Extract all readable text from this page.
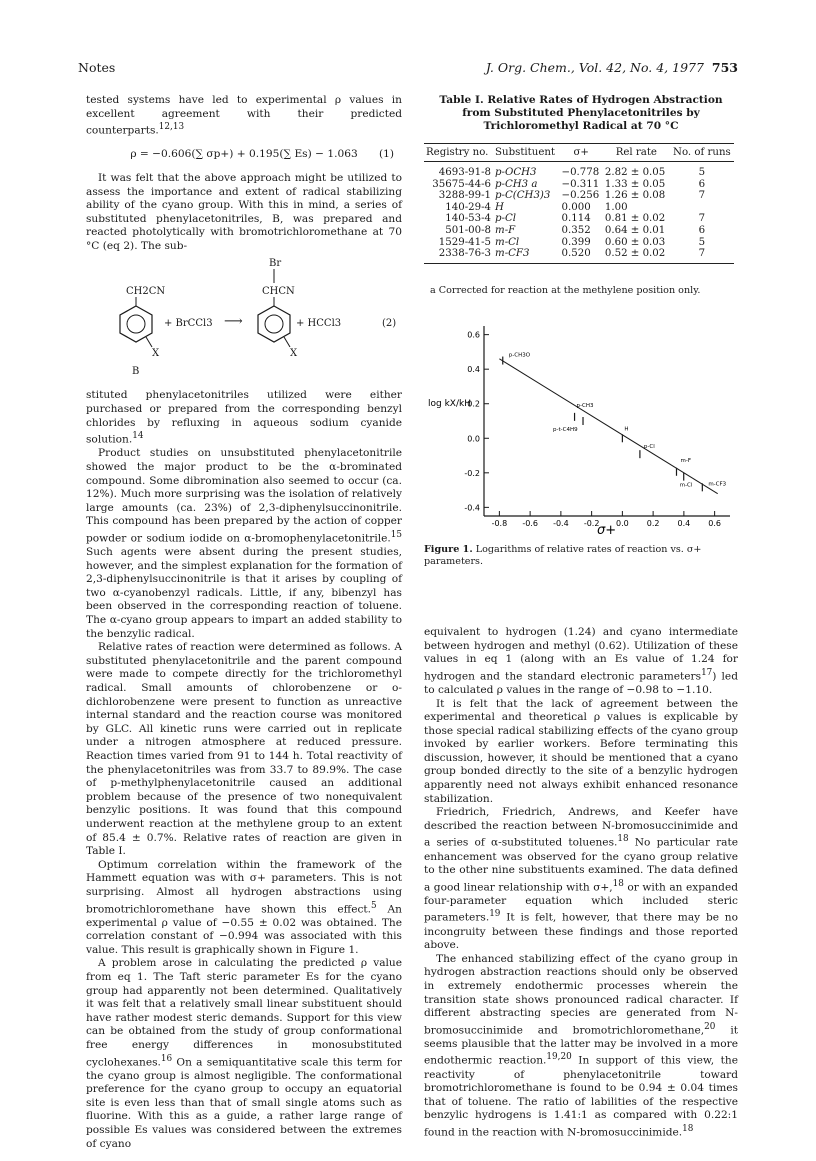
Notes	J. Org. Chem., Vol. 42, No. 4, 1977 753

tested systems have led to experimental ρ values in excellent agreement with their predicted counterparts.$^{12,13}$

ρ = −0.606(∑ σp+) + 0.195(∑ Es) − 1.063 (1)

It was felt that the above approach might be utilized to assess the importance and extent of radical stabilizing ability of the cyano group. With this in mind, a series of substituted phenylacetonitriles, B, was prepared and reacted photolytically with bromotrichloromethane at 70 °C (eq 2). The sub-

Br
CH2CN	CHCN
X
+ BrCCl3 ⟶
X
+ HCCl3	(2)
B

stituted phenylacetonitriles utilized were either purchased or prepared from the corresponding benzyl chlorides by refluxing in aqueous sodium cyanide solution.$^{14}$

Product studies on unsubstituted phenylacetonitrile showed the major product to be the α-brominated compound. Some dibromination also seemed to occur (ca. 12%). Much more surprising was the isolation of relatively large amounts (ca. 23%) of 2,3-diphenylsuccinonitrile. This compound has been prepared by the action of copper powder or sodium iodide on α-bromophenylacetonitrile.$^{15}$ Such agents were absent during the present studies, however, and the simplest explanation for the formation of 2,3-diphenylsuccinonitrile is that it arises by coupling of two α-cyanobenzyl radicals. Little, if any, bibenzyl has been observed in the corresponding reaction of toluene. The α-cyano group appears to impart an added stability to the benzylic radical.

Relative rates of reaction were determined as follows. A substituted phenylacetonitrile and the parent compound were made to compete directly for the trichloromethyl radical. Small amounts of chlorobenzene or o-dichlorobenzene were present to function as unreactive internal standard and the reaction course was monitored by GLC. All kinetic runs were carried out in replicate under a nitrogen atmosphere at reduced pressure. Reaction times varied from 91 to 144 h. Total reactivity of the phenylacetonitriles was from 33.7 to 89.9%. The case of p-methylphenylacetonitrile caused an additional problem because of the presence of two nonequivalent benzylic positions. It was found that this compound underwent reaction at the methylene group to an extent of 85.4 ± 0.7%. Relative rates of reaction are given in Table I.

Optimum correlation within the framework of the Hammett equation was with σ+ parameters. This is not surprising. Almost all hydrogen abstractions using bromotrichloromethane have shown this effect.$^5$ An experimental ρ value of −0.55 ± 0.02 was obtained. The correlation constant of −0.994 was associated with this value. This result is graphically shown in Figure 1.

A problem arose in calculating the predicted ρ value from eq 1. The Taft steric parameter Es for the cyano group had apparently not been determined. Qualitatively it was felt that a relatively small linear substituent should have rather modest steric demands. Support for this view can be obtained from the study of group conformational free energy differences in monosubstituted cyclohexanes.$^{16}$ On a semiquantitative scale this term for the cyano group is almost negligible. The conformational preference for the cyano group to occupy an equatorial site is even less than that of small single atoms such as fluorine. With this as a guide, a rather large range of possible Es values was considered between the extremes of cyano

Table I. Relative Rates of Hydrogen Abstraction from Substituted Phenylacetonitriles by Trichloromethyl Radical at 70 °C
Registry no.	Substituent	σ+	Rel rate	No. of runs
4693-91-8	p-OCH3	−0.778	2.82 ± 0.05	5
35675-44-6	p-CH3 a	−0.311	1.33 ± 0.05	6
3288-99-1	p-C(CH3)3	−0.256	1.26 ± 0.08	7
140-29-4	H	0.000	1.00	
140-53-4	p-Cl	0.114	0.81 ± 0.02	7
501-00-8	m-F	0.352	0.64 ± 0.01	6
1529-41-5	m-Cl	0.399	0.60 ± 0.03	5
2338-76-3	m-CF3	0.520	0.52 ± 0.02	7
a Corrected for reaction at the methylene position only.
0.6
0.4
0.2
0.0
-0.2
-0.4
-0.8 -0.6 -0.4 -0.2 0.0 0.2 0.4 0.6
p-CH3O
p-CH3
p-t-C4H9	H
p-Cl
m-F
m-Cl	m-CF3
σ+
log kX/kH
Figure 1. Logarithms of relative rates of reaction vs. σ+ parameters.

equivalent to hydrogen (1.24) and cyano intermediate between hydrogen and methyl (0.62). Utilization of these values in eq 1 (along with an Es value of 1.24 for hydrogen and the standard electronic parameters$^{17}$) led to calculated ρ values in the range of −0.98 to −1.10.

It is felt that the lack of agreement between the experimental and theoretical ρ values is explicable by those special radical stabilizing effects of the cyano group invoked by earlier workers. Before terminating this discussion, however, it should be mentioned that a cyano group bonded directly to the site of a benzylic hydrogen apparently need not always exhibit enhanced resonance stabilization.

Friedrich, Friedrich, Andrews, and Keefer have described the reaction between N-bromosuccinimide and a series of α-substituted toluenes.$^{18}$ No particular rate enhancement was observed for the cyano group relative to the other nine substituents examined. The data defined a good linear relationship with σ+,$^{18}$ or with an expanded four-parameter equation which included steric parameters.$^{19}$ It is felt, however, that there may be no incongruity between these findings and those reported above.

The enhanced stabilizing effect of the cyano group in hydrogen abstraction reactions should only be observed in extremely endothermic processes wherein the transition state shows pronounced radical character. If different abstracting species are generated from N-bromosuccinimide and bromotrichloromethane,$^{20}$ it seems plausible that the latter may be involved in a more endothermic reaction.$^{19,20}$ In support of this view, the reactivity of phenylacetonitrile toward bromotrichloromethane is found to be 0.94 ± 0.04 times that of toluene. The ratio of labilities of the respective benzylic hydrogens is 1.41:1 as compared with 0.22:1 found in the reaction with N-bromosuccinimide.$^{18}$
